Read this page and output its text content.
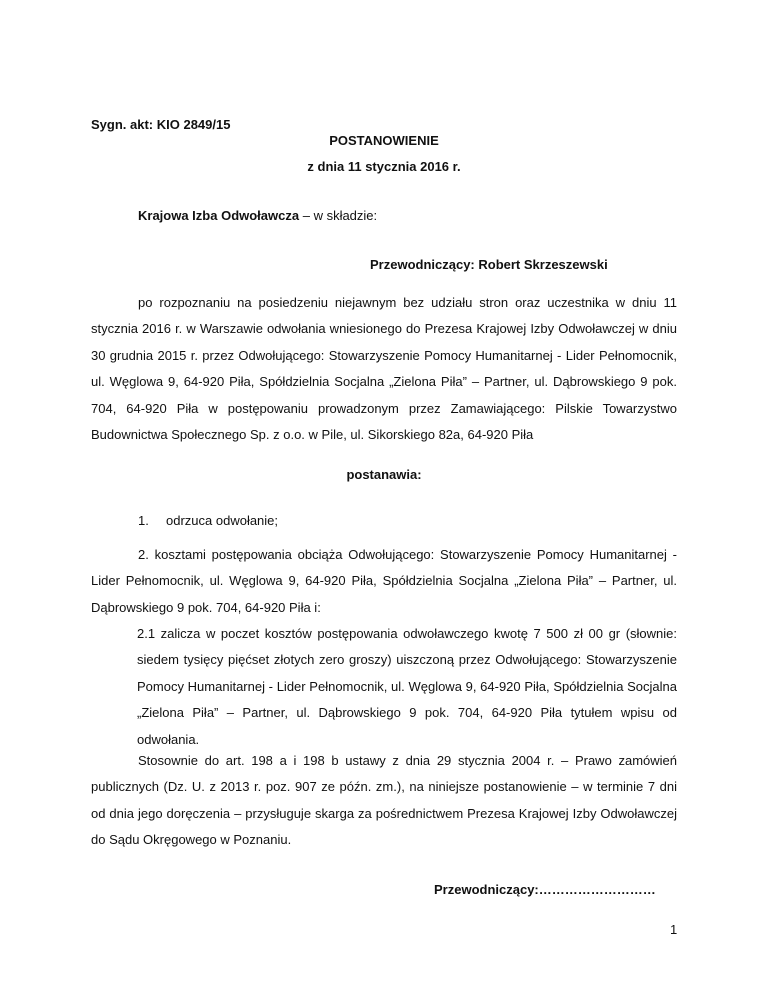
Sygn. akt: KIO 2849/15
POSTANOWIENIE
z dnia 11 stycznia 2016 r.
Krajowa Izba Odwoławcza – w składzie:
Przewodniczący: Robert Skrzeszewski

po rozpoznaniu na posiedzeniu niejawnym bez udziału stron oraz uczestnika w dniu 11 stycznia 2016 r. w Warszawie odwołania wniesionego do Prezesa Krajowej Izby Odwoławczej w dniu 30 grudnia 2015 r. przez Odwołującego: Stowarzyszenie Pomocy Humanitarnej - Lider Pełnomocnik, ul. Węglowa 9, 64-920 Piła, Spółdzielnia Socjalna „Zielona Piła” – Partner, ul. Dąbrowskiego 9 pok. 704, 64-920 Piła w postępowaniu prowadzonym przez Zamawiającego: Pilskie Towarzystwo Budownictwa Społecznego Sp. z o.o. w Pile, ul. Sikorskiego 82a, 64-920 Piła

postanawia:
1. odrzuca odwołanie;

2. kosztami postępowania obciąża Odwołującego: Stowarzyszenie Pomocy Humanitarnej - Lider Pełnomocnik, ul. Węglowa 9, 64-920 Piła, Spółdzielnia Socjalna „Zielona Piła” – Partner, ul. Dąbrowskiego 9 pok. 704, 64-920 Piła i:

2.1 zalicza w poczet kosztów postępowania odwoławczego kwotę 7 500 zł 00 gr (słownie: siedem tysięcy pięćset złotych zero groszy) uiszczoną przez Odwołującego: Stowarzyszenie Pomocy Humanitarnej - Lider Pełnomocnik, ul. Węglowa 9, 64-920 Piła, Spółdzielnia Socjalna „Zielona Piła” – Partner, ul. Dąbrowskiego 9 pok. 704, 64-920 Piła tytułem wpisu od odwołania.

Stosownie do art. 198 a i 198 b ustawy z dnia 29 stycznia 2004 r. – Prawo zamówień publicznych (Dz. U. z 2013 r. poz. 907 ze późn. zm.), na niniejsze postanowienie – w terminie 7 dni od dnia jego doręczenia – przysługuje skarga za pośrednictwem Prezesa Krajowej Izby Odwoławczej do Sądu Okręgowego w Poznaniu.

Przewodniczący:………………………
1
